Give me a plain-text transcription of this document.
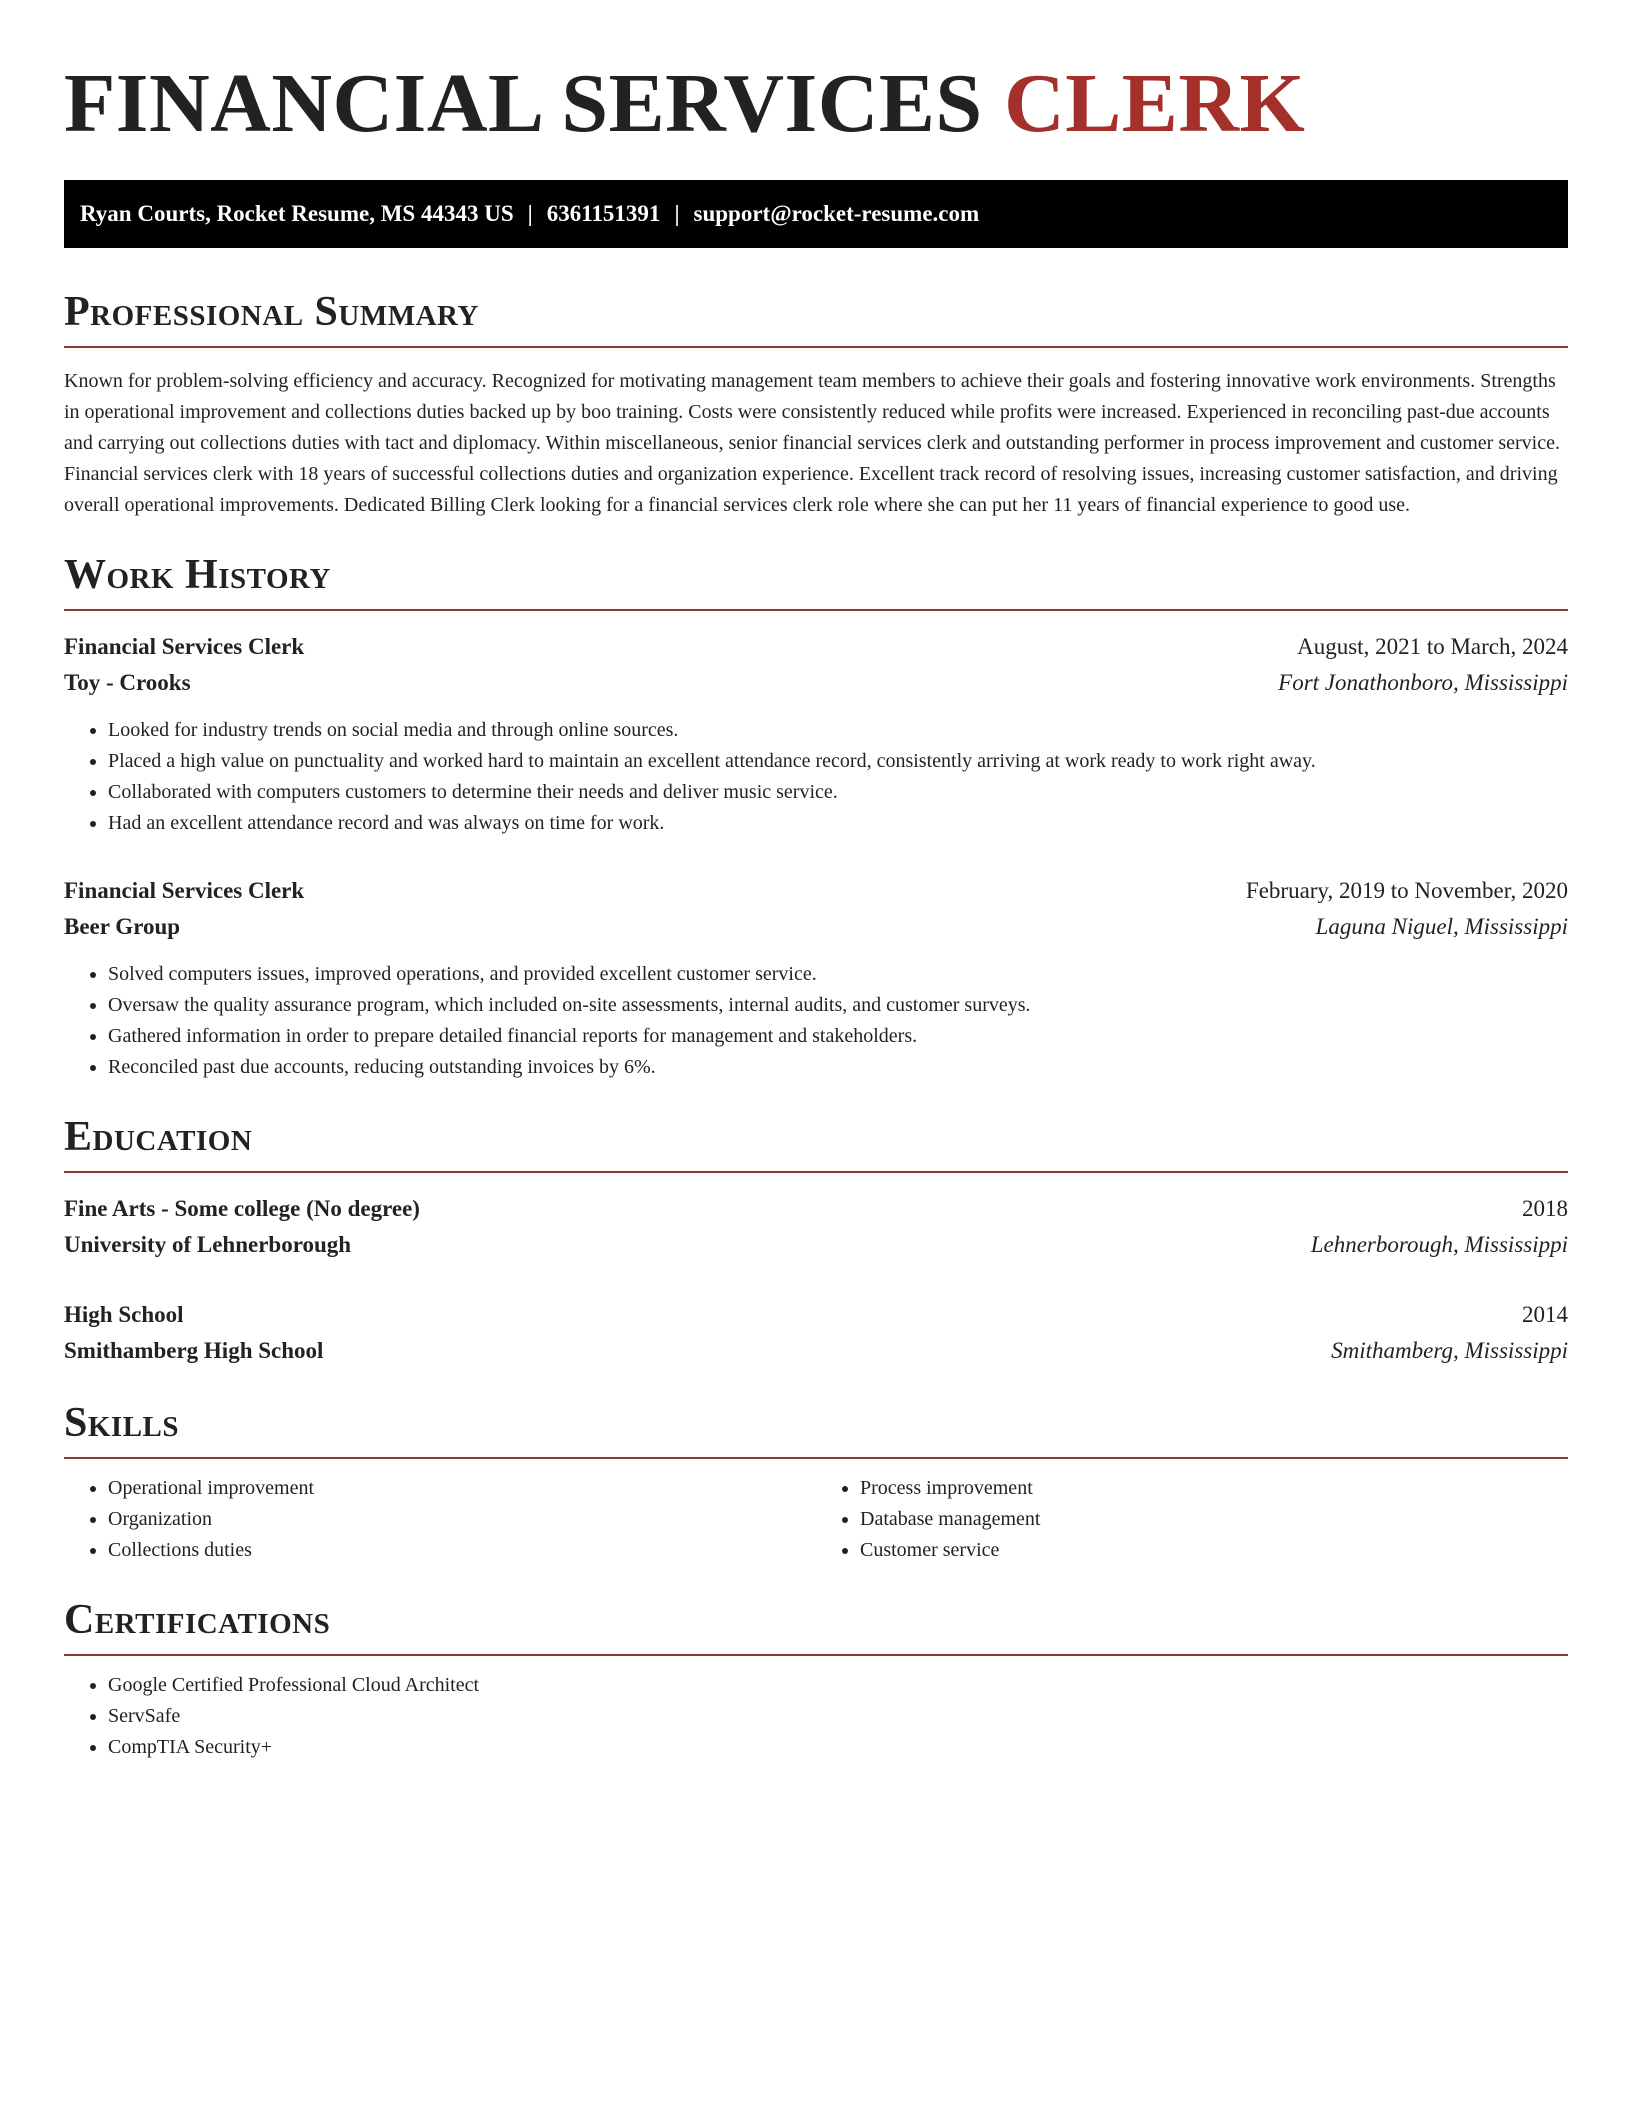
FINANCIAL SERVICES CLERK
Ryan Courts, Rocket Resume, MS 44343 US | 6361151391 | support@rocket-resume.com
Professional Summary

Known for problem-solving efficiency and accuracy. Recognized for motivating management team members to achieve their goals and fostering innovative work environments. Strengths in operational improvement and collections duties backed up by boo training. Costs were consistently reduced while profits were increased. Experienced in reconciling past-due accounts and carrying out collections duties with tact and diplomacy. Within miscellaneous, senior financial services clerk and outstanding performer in process improvement and customer service. Financial services clerk with 18 years of successful collections duties and organization experience. Excellent track record of resolving issues, increasing customer satisfaction, and driving overall operational improvements. Dedicated Billing Clerk looking for a financial services clerk role where she can put her 11 years of financial experience to good use.

Work History
Financial Services Clerk	August, 2021 to March, 2024
Toy - Crooks	Fort Jonathonboro, Mississippi
• Looked for industry trends on social media and through online sources.
• Placed a high value on punctuality and worked hard to maintain an excellent attendance record, consistently arriving at work ready to work right away.
• Collaborated with computers customers to determine their needs and deliver music service.
• Had an excellent attendance record and was always on time for work.
Financial Services Clerk	February, 2019 to November, 2020
Beer Group	Laguna Niguel, Mississippi
• Solved computers issues, improved operations, and provided excellent customer service.
• Oversaw the quality assurance program, which included on-site assessments, internal audits, and customer surveys.
• Gathered information in order to prepare detailed financial reports for management and stakeholders.
• Reconciled past due accounts, reducing outstanding invoices by 6%.
Education
Fine Arts - Some college (No degree)	2018
University of Lehnerborough	Lehnerborough, Mississippi
High School	2014
Smithamberg High School	Smithamberg, Mississippi
Skills
• Operational improvement
• Organization
• Collections duties
• Process improvement
• Database management
• Customer service
Certifications
• Google Certified Professional Cloud Architect
• ServSafe
• CompTIA Security+
